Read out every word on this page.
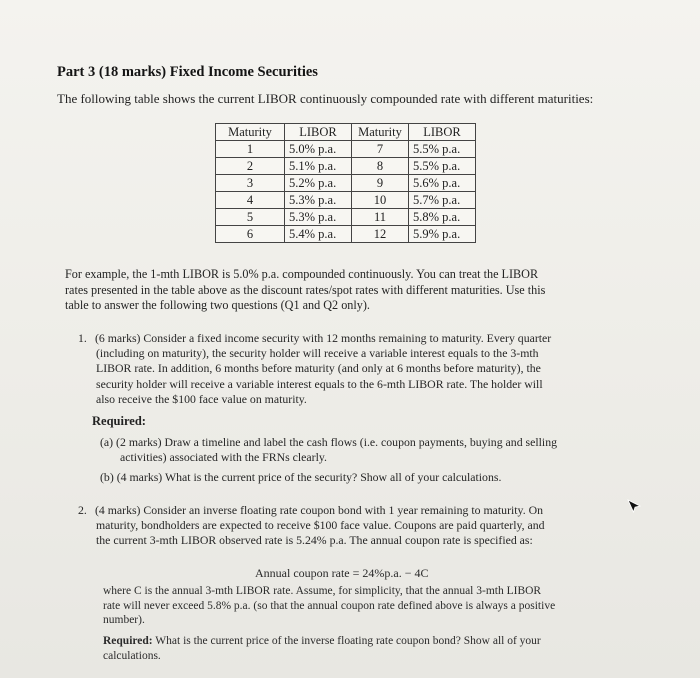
Part 3 (18 marks) Fixed Income Securities
The following table shows the current LIBOR continuously compounded rate with different maturities:
Maturity	LIBOR	Maturity	LIBOR
1	5.0% p.a.	7	5.5% p.a.
2	5.1% p.a.	8	5.5% p.a.
3	5.2% p.a.	9	5.6% p.a.
4	5.3% p.a.	10	5.7% p.a.
5	5.3% p.a.	11	5.8% p.a.
6	5.4% p.a.	12	5.9% p.a.
For example, the 1-mth LIBOR is 5.0% p.a. compounded continuously. You can treat the LIBOR
rates presented in the table above as the discount rates/spot rates with different maturities. Use this
table to answer the following two questions (Q1 and Q2 only).
1. (6 marks) Consider a fixed income security with 12 months remaining to maturity. Every quarter
(including on maturity), the security holder will receive a variable interest equals to the 3-mth
LIBOR rate. In addition, 6 months before maturity (and only at 6 months before maturity), the
security holder will receive a variable interest equals to the 6-mth LIBOR rate. The holder will
also receive the $100 face value on maturity.
Required:
(a) (2 marks) Draw a timeline and label the cash flows (i.e. coupon payments, buying and selling
activities) associated with the FRNs clearly.
(b) (4 marks) What is the current price of the security? Show all of your calculations.
2. (4 marks) Consider an inverse floating rate coupon bond with 1 year remaining to maturity. On
maturity, bondholders are expected to receive $100 face value. Coupons are paid quarterly, and
the current 3-mth LIBOR observed rate is 5.24% p.a. The annual coupon rate is specified as:
Annual coupon rate = 24%p.a. − 4C
where C is the annual 3-mth LIBOR rate. Assume, for simplicity, that the annual 3-mth LIBOR
rate will never exceed 5.8% p.a. (so that the annual coupon rate defined above is always a positive
number).
Required: What is the current price of the inverse floating rate coupon bond? Show all of your
calculations.
